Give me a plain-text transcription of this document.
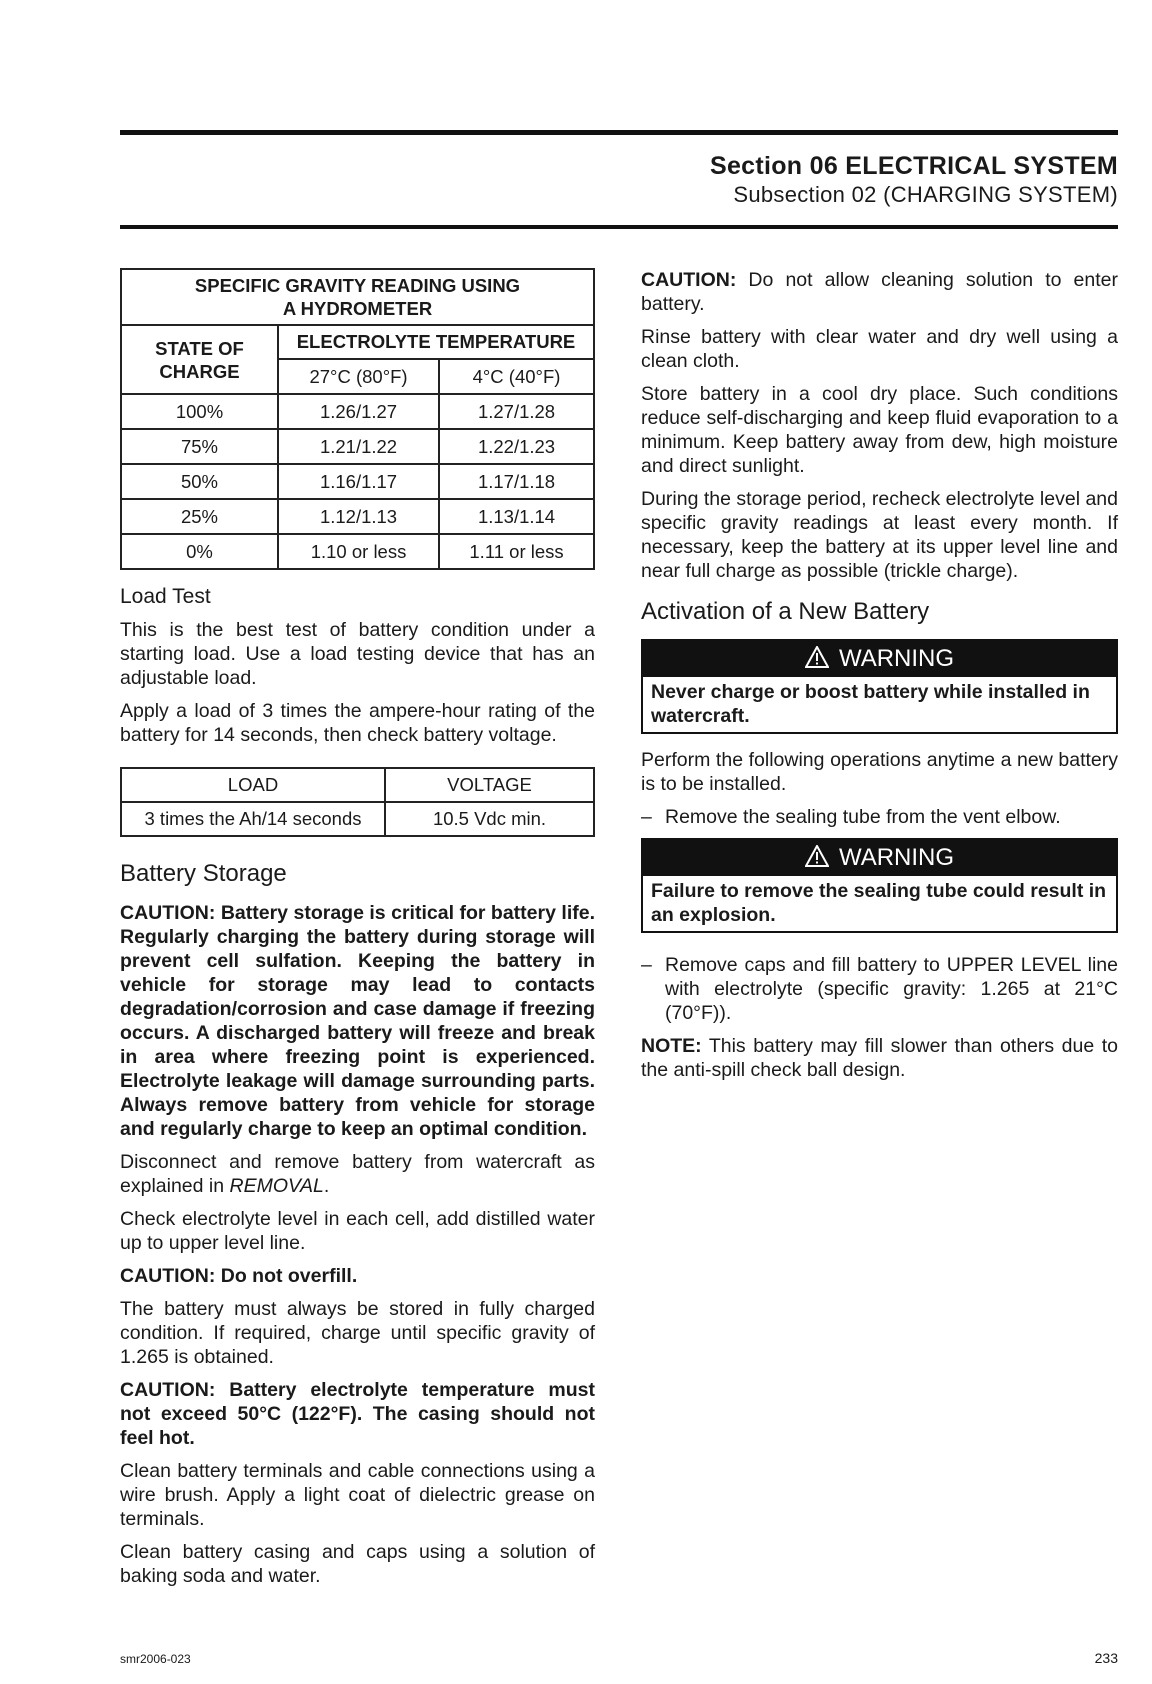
Section 06 ELECTRICAL SYSTEM
Subsection 02 (CHARGING SYSTEM)
SPECIFIC GRAVITY READING USING
A HYDROMETER		
STATE OF
CHARGE	ELECTROLYTE TEMPERATURE	
	27°C (80°F)	4°C (40°F)
100%	1.26/1.27	1.27/1.28
75%	1.21/1.22	1.22/1.23
50%	1.16/1.17	1.17/1.18
25%	1.12/1.13	1.13/1.14
0%	1.10 or less	1.11 or less
Load Test

This is the best test of battery condition under a starting load. Use a load testing device that has an adjustable load.

Apply a load of 3 times the ampere-hour rating of the battery for 14 seconds, then check battery voltage.

LOAD	VOLTAGE
3 times the Ah/14 seconds	10.5 Vdc min.
Battery Storage

CAUTION: Battery storage is critical for battery life. Regularly charging the battery during storage will prevent cell sulfation. Keeping the battery in vehicle for storage may lead to contacts degradation/corrosion and case damage if freezing occurs. A discharged battery will freeze and break in area where freezing point is experienced. Electrolyte leakage will damage surrounding parts. Always remove battery from vehicle for storage and regularly charge to keep an optimal condition.

Disconnect and remove battery from watercraft as explained in REMOVAL.

Check electrolyte level in each cell, add distilled water up to upper level line.

CAUTION: Do not overfill.

The battery must always be stored in fully charged condition. If required, charge until specific gravity of 1.265 is obtained.

CAUTION: Battery electrolyte temperature must not exceed 50°C (122°F). The casing should not feel hot.

Clean battery terminals and cable connections using a wire brush. Apply a light coat of dielectric grease on terminals.

Clean battery casing and caps using a solution of baking soda and water.

CAUTION: Do not allow cleaning solution to enter battery.

Rinse battery with clear water and dry well using a clean cloth.

Store battery in a cool dry place. Such conditions reduce self-discharging and keep fluid evaporation to a minimum. Keep battery away from dew, high moisture and direct sunlight.

During the storage period, recheck electrolyte level and specific gravity readings at least every month. If necessary, keep the battery at its upper level line and near full charge as possible (trickle charge).

Activation of a New Battery
WARNING
Never charge or boost battery while installed in watercraft.

Perform the following operations anytime a new battery is to be installed.

– Remove the sealing tube from the vent elbow.

WARNING
Failure to remove the sealing tube could result in an explosion.

– Remove caps and fill battery to UPPER LEVEL line with electrolyte (specific gravity: 1.265 at 21°C (70°F)).

NOTE: This battery may fill slower than others due to the anti-spill check ball design.

smr2006-023	233
